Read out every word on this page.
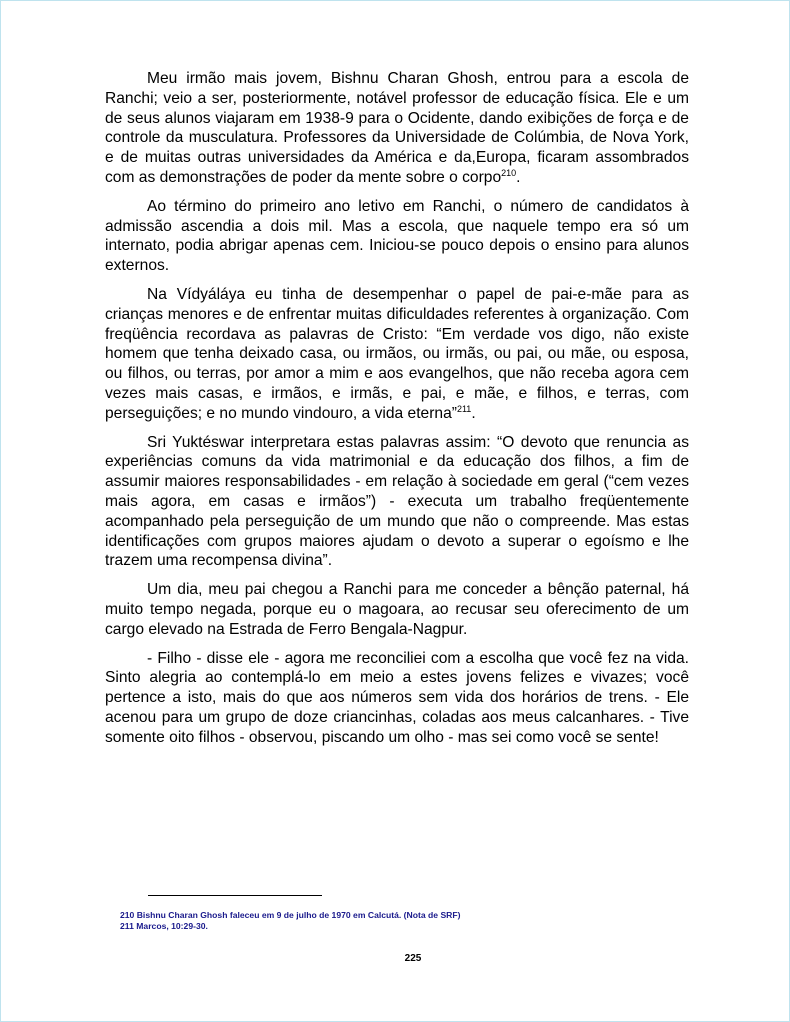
Meu irmão mais jovem, Bishnu Charan Ghosh, entrou para a escola de Ranchi; veio a ser, posteriormente, notável professor de educação física. Ele e um de seus alunos viajaram em 1938-9 para o Ocidente, dando exibições de força e de controle da musculatura. Professores da Universidade de Colúmbia, de Nova York, e de muitas outras universidades da América e da,Europa, ficaram assombrados com as demonstrações de poder da mente sobre o corpo$^{210}$.

Ao término do primeiro ano letivo em Ranchi, o número de candidatos à admissão ascendia a dois mil. Mas a escola, que naquele tempo era só um internato, podia abrigar apenas cem. Iniciou-se pouco depois o ensino para alunos externos.

Na Vídyáláya eu tinha de desempenhar o papel de pai-e-mãe para as crianças menores e de enfrentar muitas dificuldades referentes à organização. Com freqüência recordava as palavras de Cristo: “Em verdade vos digo, não existe homem que tenha deixado casa, ou irmãos, ou irmãs, ou pai, ou mãe, ou esposa, ou filhos, ou terras, por amor a mim e aos evangelhos, que não receba agora cem vezes mais casas, e irmãos, e irmãs, e pai, e mãe, e filhos, e terras, com perseguições; e no mundo vindouro, a vida eterna”$^{211}$.

Sri Yuktéswar interpretara estas palavras assim: “O devoto que renuncia as experiências comuns da vida matrimonial e da educação dos filhos, a fim de assumir maiores responsabilidades - em relação à sociedade em geral (“cem vezes mais agora, em casas e irmãos”) - executa um trabalho freqüentemente acompanhado pela perseguição de um mundo que não o compreende. Mas estas identificações com grupos maiores ajudam o devoto a superar o egoísmo e lhe trazem uma recompensa divina”.

Um dia, meu pai chegou a Ranchi para me conceder a bênção paternal, há muito tempo negada, porque eu o magoara, ao recusar seu oferecimento de um cargo elevado na Estrada de Ferro Bengala-Nagpur.

- Filho - disse ele - agora me reconciliei com a escolha que você fez na vida. Sinto alegria ao contemplá-lo em meio a estes jovens felizes e vivazes; você pertence a isto, mais do que aos números sem vida dos horários de trens. - Ele acenou para um grupo de doze criancinhas, coladas aos meus calcanhares. - Tive somente oito filhos - observou, piscando um olho - mas sei como você se sente!

210 Bishnu Charan Ghosh faleceu em 9 de julho de 1970 em Calcutá. (Nota de SRF)
211 Marcos, 10:29-30.
225
